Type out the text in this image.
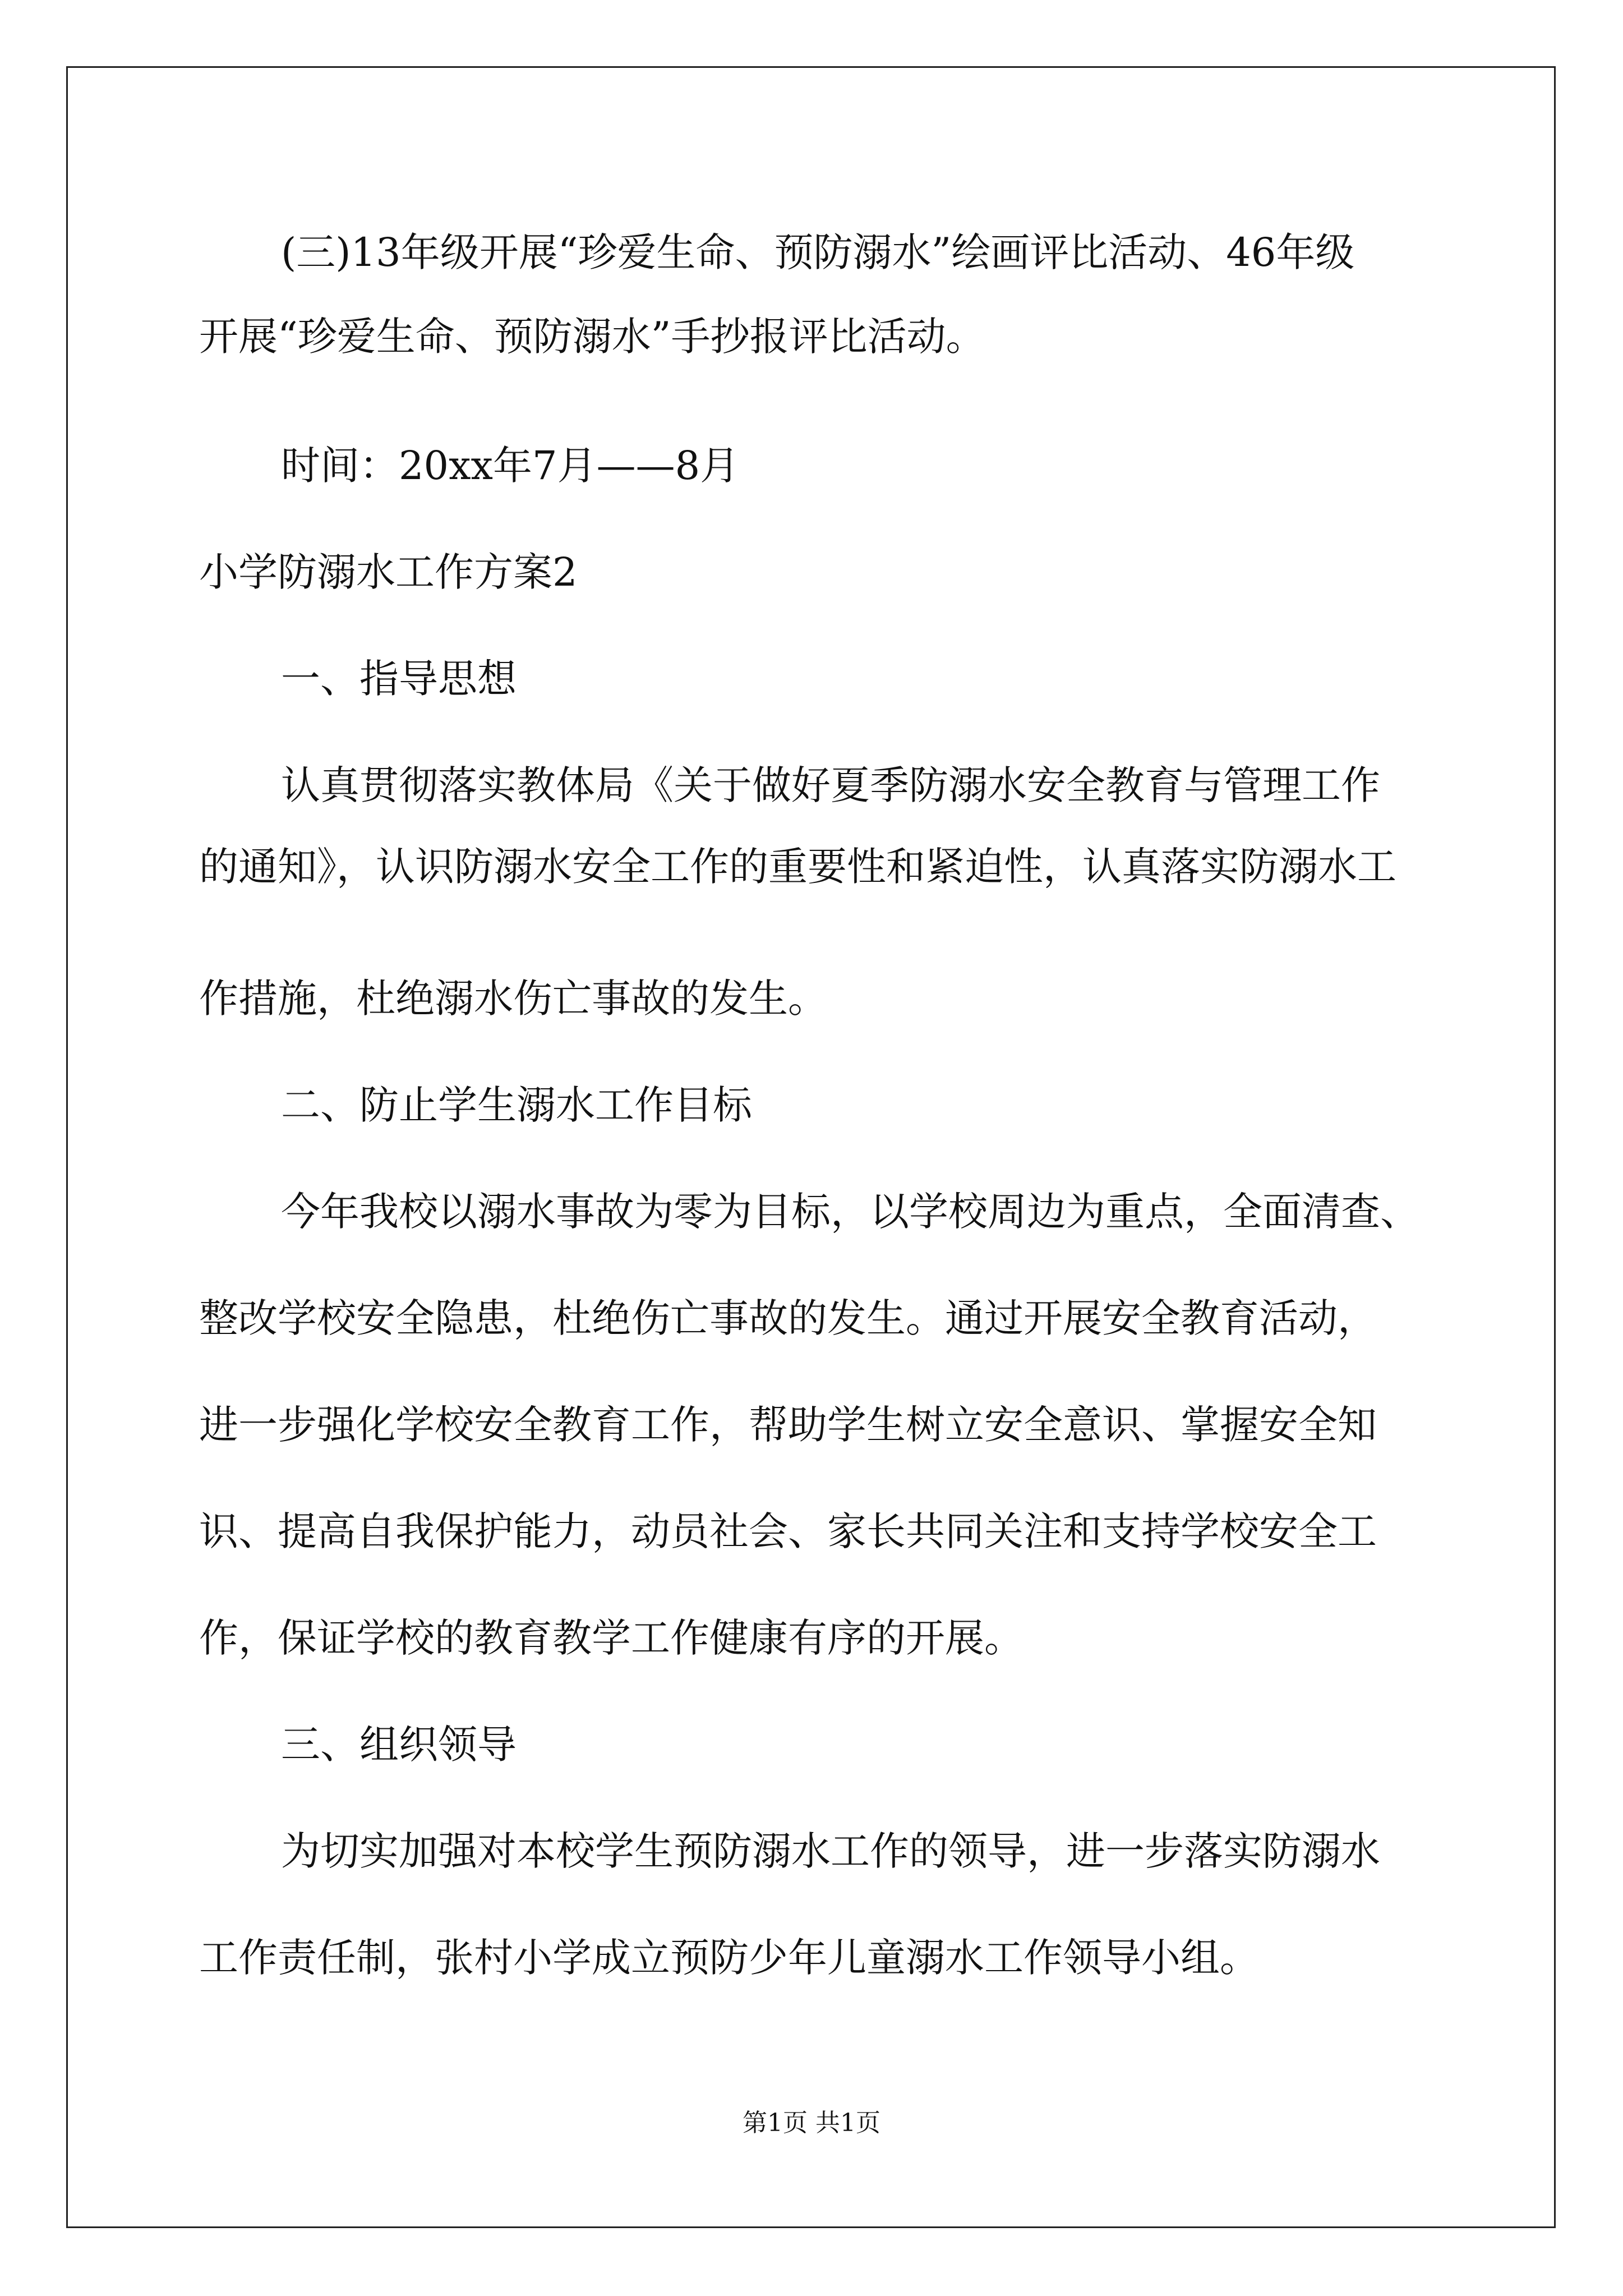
(三)13年级开展“珍爱生命、预防溺水”绘画评比活动、46年级
开展“珍爱生命、预防溺水”手抄报评比活动。
时间：20xx年7月——8月
小学防溺水工作方案2
一、指导思想
认真贯彻落实教体局《关于做好夏季防溺水安全教育与管理工作
的通知》，认识防溺水安全工作的重要性和紧迫性，认真落实防溺水工
作措施，杜绝溺水伤亡事故的发生。
二、防止学生溺水工作目标
今年我校以溺水事故为零为目标，以学校周边为重点，全面清查、
整改学校安全隐患，杜绝伤亡事故的发生。通过开展安全教育活动，
进一步强化学校安全教育工作，帮助学生树立安全意识、掌握安全知
识、提高自我保护能力，动员社会、家长共同关注和支持学校安全工
作，保证学校的教育教学工作健康有序的开展。
三、组织领导
为切实加强对本校学生预防溺水工作的领导，进一步落实防溺水
工作责任制，张村小学成立预防少年儿童溺水工作领导小组。
第1页 共1页
